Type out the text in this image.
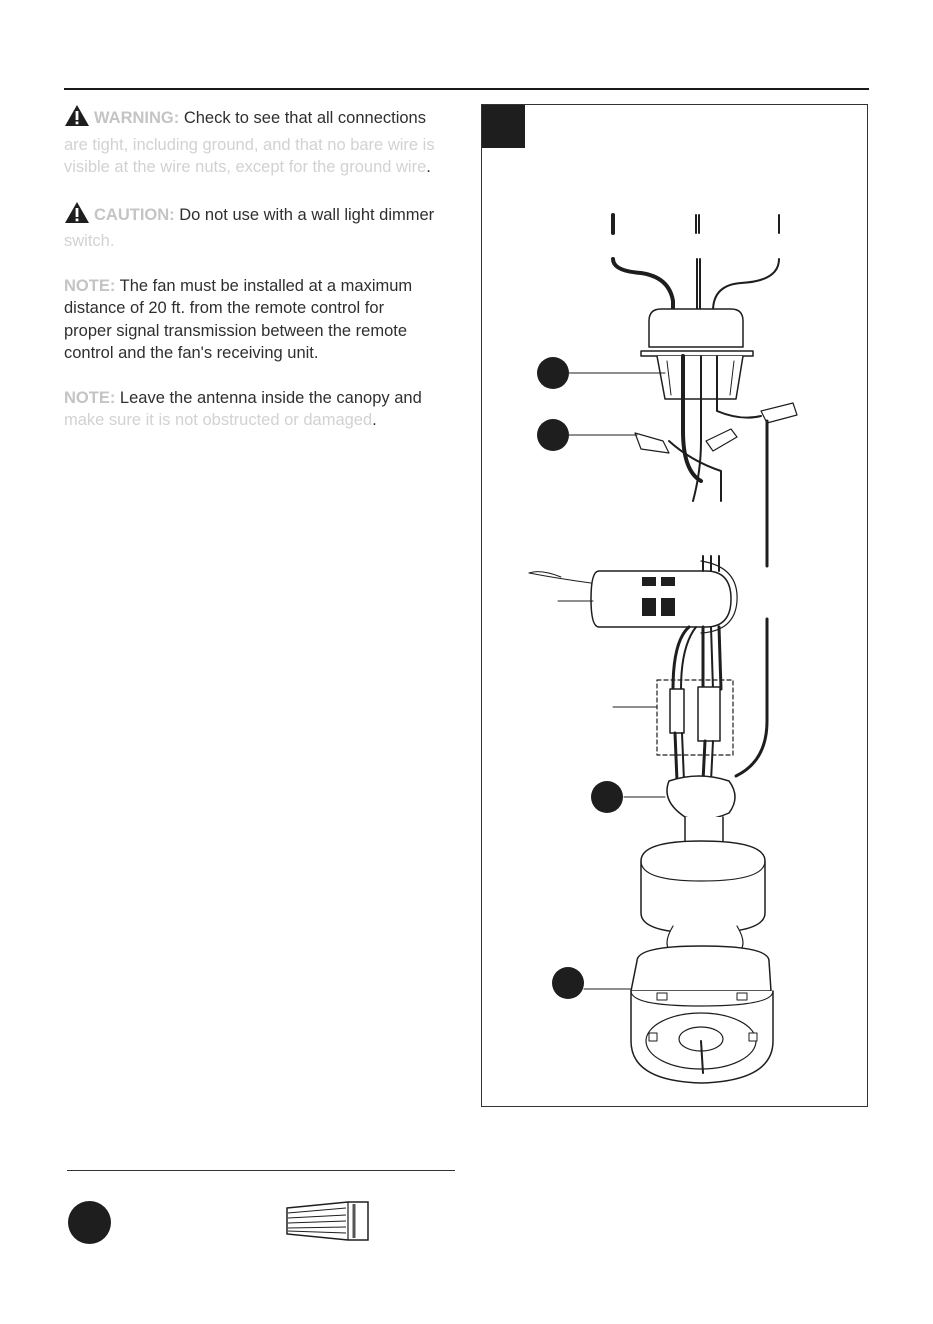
WARNING: Check to see that all connections
are tight, including ground, and that no bare wire is
visible at the wire nuts, except for the ground wire.
CAUTION: Do not use with a wall light dimmer
switch.
NOTE: The fan must be installed at a maximum
distance of 20 ft. from the remote control for
proper signal transmission between the remote
control and the fan's receiving unit.
NOTE: Leave the antenna inside the canopy and
make sure it is not obstructed or damaged.
